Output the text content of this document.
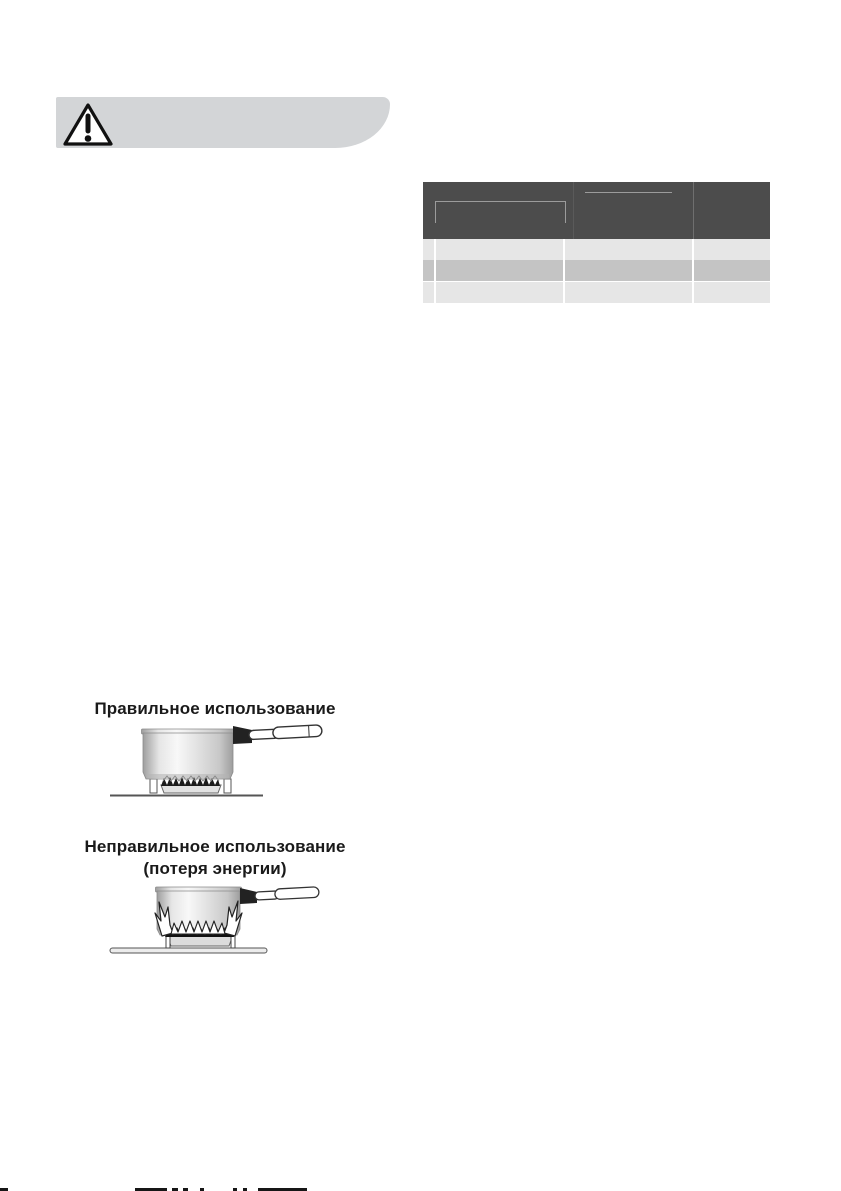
Правильное использование
Неправильное использование
(потеря энергии)
